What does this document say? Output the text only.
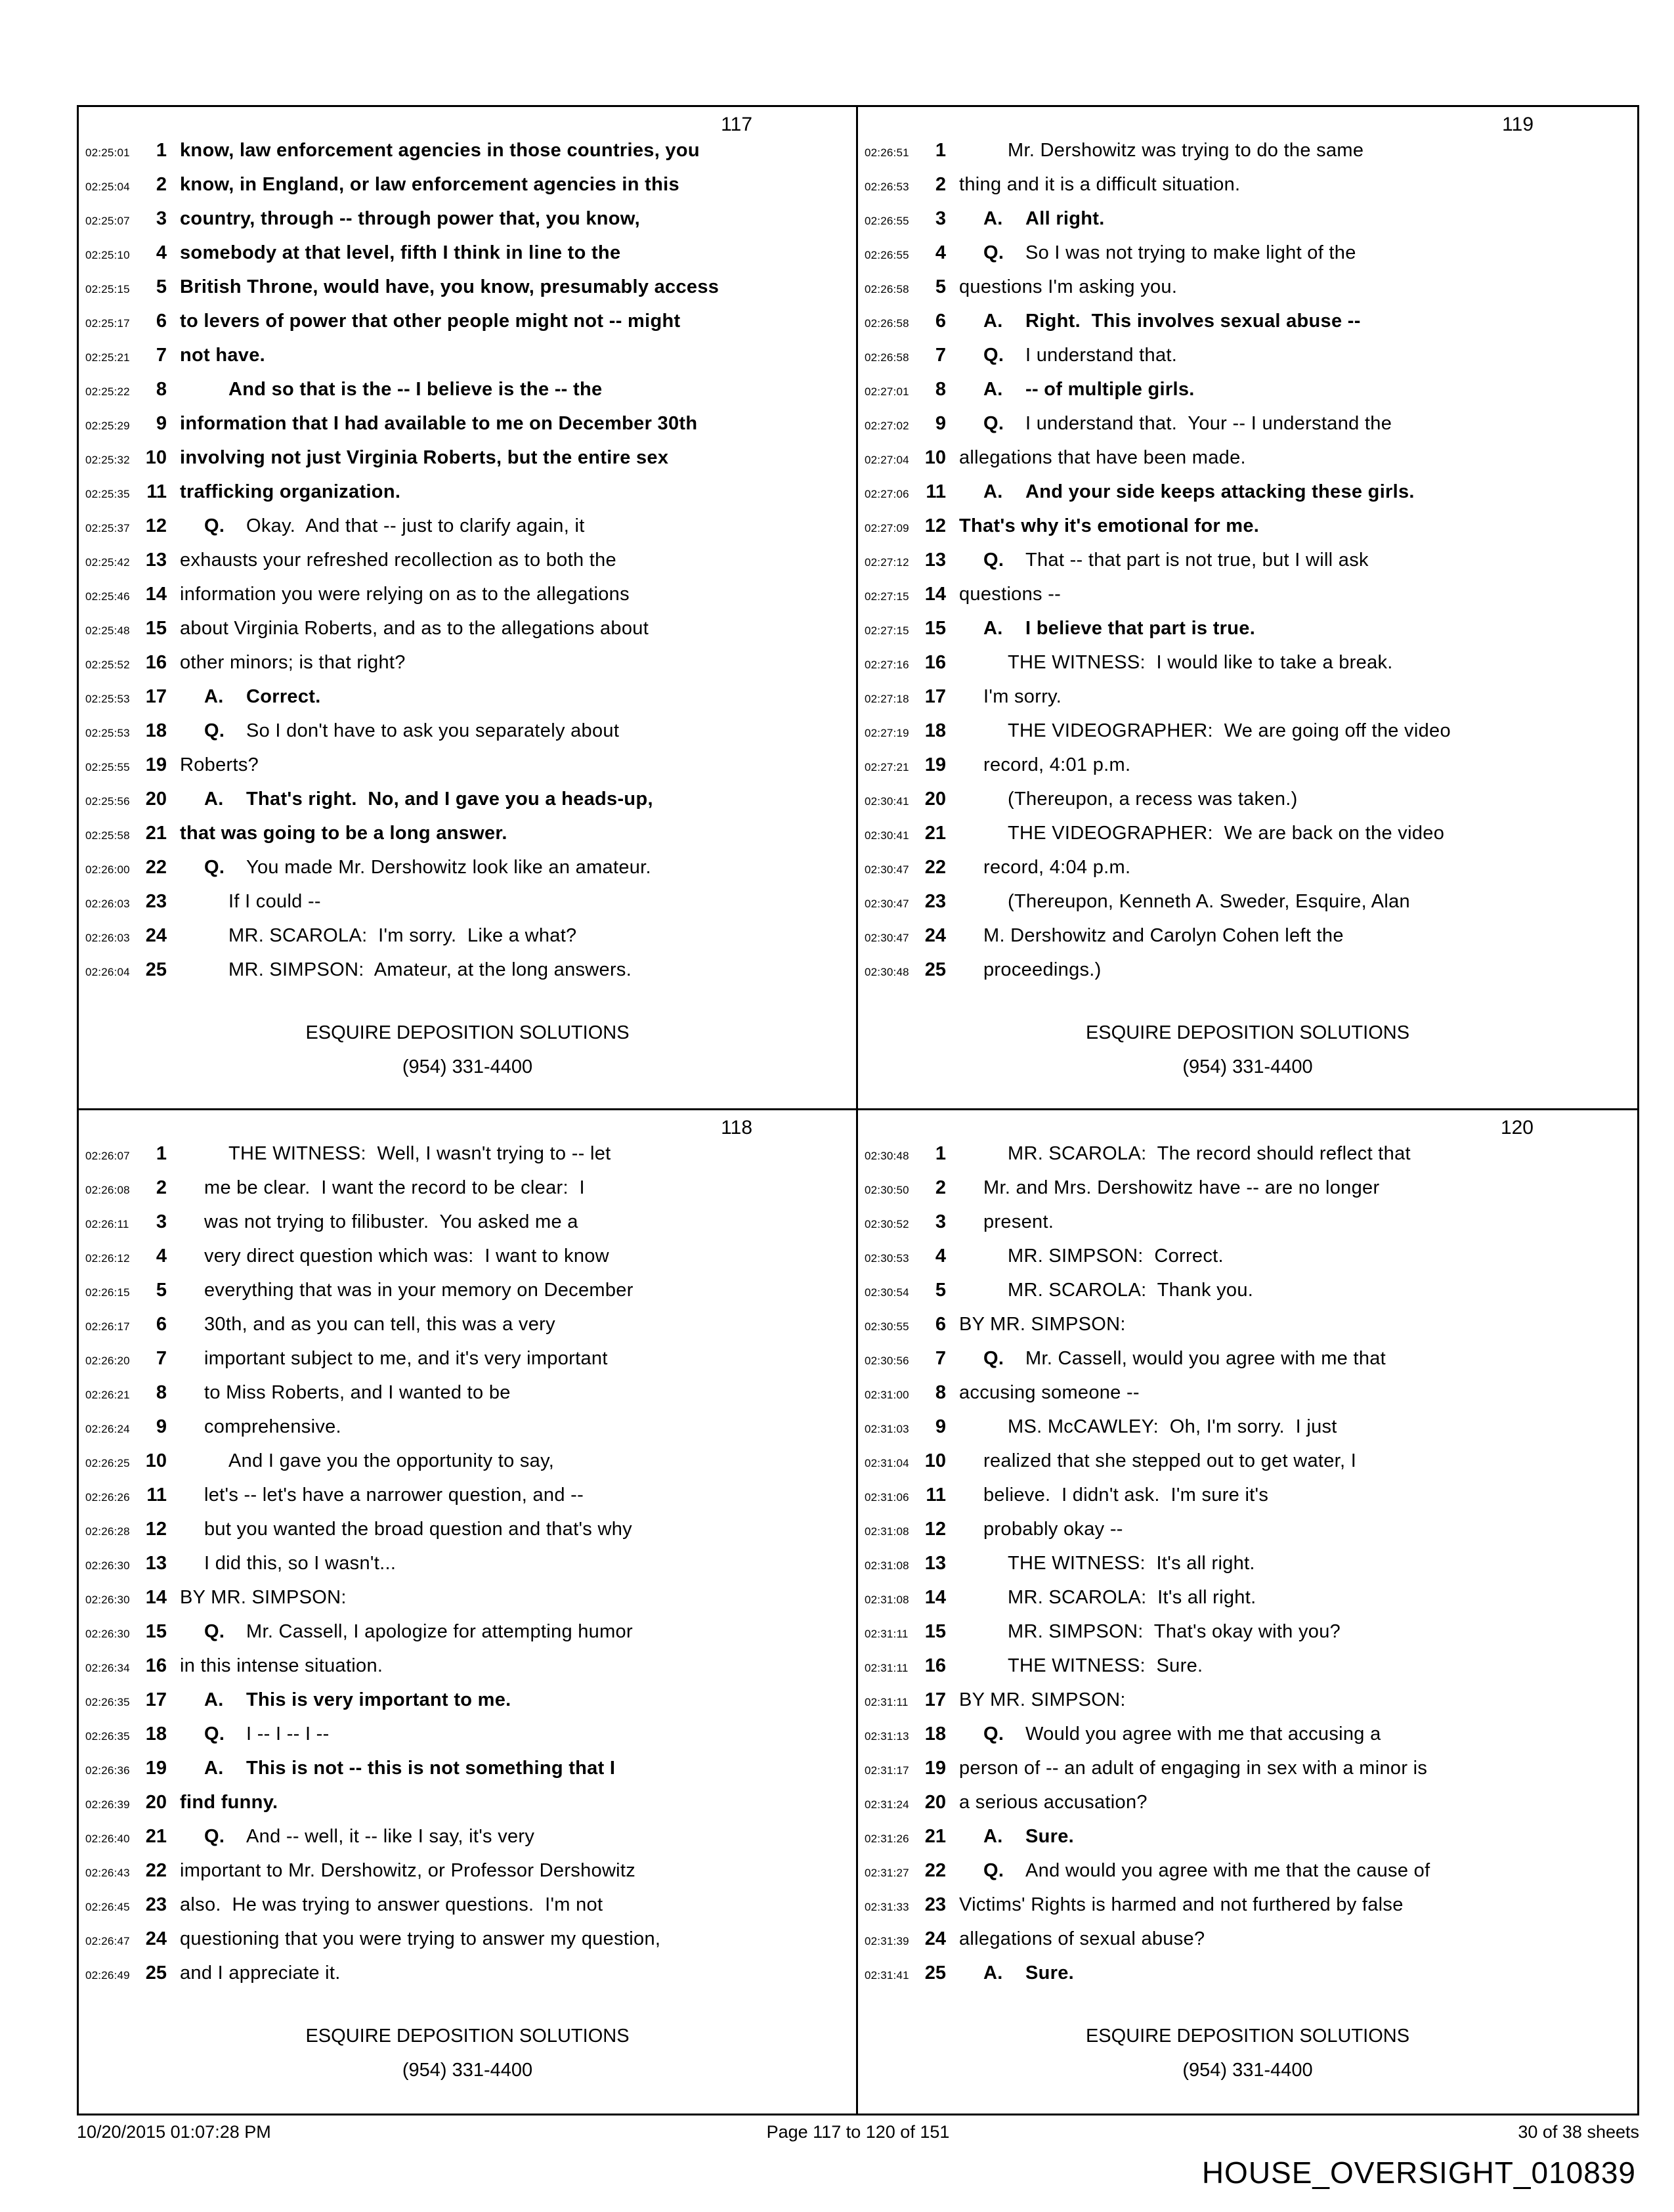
117
02:25:01	1 know, law enforcement agencies in those countries, you
02:25:04	2 know, in England, or law enforcement agencies in this
02:25:07	3 country, through -- through power that, you know,
02:25:10	4 somebody at that level, fifth I think in line to the
02:25:15	5 British Throne, would have, you know, presumably access
02:25:17	6 to levers of power that other people might not -- might
02:25:21	7 not have.
02:25:22	8	And so that is the -- I believe is the -- the
02:25:29	9 information that I had available to me on December 30th
02:25:32 10 involving not just Virginia Roberts, but the entire sex
02:25:35 11 trafficking organization.
02:25:37 12	Q. Okay.  And that -- just to clarify again, it
02:25:42 13 exhausts your refreshed recollection as to both the
02:25:46 14 information you were relying on as to the allegations
02:25:48 15 about Virginia Roberts, and as to the allegations about
02:25:52 16 other minors; is that right?
02:25:53 17	A. Correct.
02:25:53 18	Q. So I don't have to ask you separately about
02:25:55 19 Roberts?
02:25:56 20	A. That's right.  No, and I gave you a heads-up,
02:25:58 21 that was going to be a long answer.
02:26:00 22	Q. You made Mr. Dershowitz look like an amateur.
02:26:03 23	If I could --
02:26:03 24	MR. SCAROLA:  I'm sorry.  Like a what?
02:26:04 25	MR. SIMPSON:  Amateur, at the long answers.
ESQUIRE DEPOSITION SOLUTIONS
(954) 331-4400
119
02:26:51	1	Mr. Dershowitz was trying to do the same
02:26:53	2 thing and it is a difficult situation.
02:26:55	3	A. All right.
02:26:55	4	Q. So I was not trying to make light of the
02:26:58	5 questions I'm asking you.
02:26:58	6	A. Right.  This involves sexual abuse --
02:26:58	7	Q. I understand that.
02:27:01	8	A. -- of multiple girls.
02:27:02	9	Q. I understand that.  Your -- I understand the
02:27:04 10 allegations that have been made.
02:27:06 11	A. And your side keeps attacking these girls.
02:27:09 12 That's why it's emotional for me.
02:27:12 13	Q. That -- that part is not true, but I will ask
02:27:15 14 questions --
02:27:15 15	A. I believe that part is true.
02:27:16 16	THE WITNESS:  I would like to take a break.
02:27:18 17	I'm sorry.
02:27:19 18	THE VIDEOGRAPHER:  We are going off the video
02:27:21 19	record, 4:01 p.m.
02:30:41 20	(Thereupon, a recess was taken.)
02:30:41 21	THE VIDEOGRAPHER:  We are back on the video
02:30:47 22	record, 4:04 p.m.
02:30:47 23	(Thereupon, Kenneth A. Sweder, Esquire, Alan
02:30:47 24	M. Dershowitz and Carolyn Cohen left the
02:30:48 25	proceedings.)
ESQUIRE DEPOSITION SOLUTIONS
(954) 331-4400
118
02:26:07	1	THE WITNESS:  Well, I wasn't trying to -- let
02:26:08	2	me be clear.  I want the record to be clear:  I
02:26:11	3	was not trying to filibuster.  You asked me a
02:26:12	4	very direct question which was:  I want to know
02:26:15	5	everything that was in your memory on December
02:26:17	6	30th, and as you can tell, this was a very
02:26:20	7	important subject to me, and it's very important
02:26:21	8	to Miss Roberts, and I wanted to be
02:26:24	9	comprehensive.
02:26:25 10	And I gave you the opportunity to say,
02:26:26 11	let's -- let's have a narrower question, and --
02:26:28 12	but you wanted the broad question and that's why
02:26:30 13	I did this, so I wasn't...
02:26:30 14 BY MR. SIMPSON:
02:26:30 15	Q. Mr. Cassell, I apologize for attempting humor
02:26:34 16 in this intense situation.
02:26:35 17	A. This is very important to me.
02:26:35 18	Q. I -- I -- I --
02:26:36 19	A. This is not -- this is not something that I
02:26:39 20 find funny.
02:26:40 21	Q. And -- well, it -- like I say, it's very
02:26:43 22 important to Mr. Dershowitz, or Professor Dershowitz
02:26:45 23 also.  He was trying to answer questions.  I'm not
02:26:47 24 questioning that you were trying to answer my question,
02:26:49 25 and I appreciate it.
ESQUIRE DEPOSITION SOLUTIONS
(954) 331-4400
120
02:30:48	1	MR. SCAROLA:  The record should reflect that
02:30:50	2	Mr. and Mrs. Dershowitz have -- are no longer
02:30:52	3	present.
02:30:53	4	MR. SIMPSON:  Correct.
02:30:54	5	MR. SCAROLA:  Thank you.
02:30:55	6 BY MR. SIMPSON:
02:30:56	7	Q. Mr. Cassell, would you agree with me that
02:31:00	8 accusing someone --
02:31:03	9	MS. McCAWLEY:  Oh, I'm sorry.  I just
02:31:04 10	realized that she stepped out to get water, I
02:31:06 11	believe.  I didn't ask.  I'm sure it's
02:31:08 12	probably okay --
02:31:08 13	THE WITNESS:  It's all right.
02:31:08 14	MR. SCAROLA:  It's all right.
02:31:11 15	MR. SIMPSON:  That's okay with you?
02:31:11 16	THE WITNESS:  Sure.
02:31:11 17 BY MR. SIMPSON:
02:31:13 18	Q. Would you agree with me that accusing a
02:31:17 19 person of -- an adult of engaging in sex with a minor is
02:31:24 20 a serious accusation?
02:31:26 21	A. Sure.
02:31:27 22	Q. And would you agree with me that the cause of
02:31:33 23 Victims' Rights is harmed and not furthered by false
02:31:39 24 allegations of sexual abuse?
02:31:41 25	A. Sure.
ESQUIRE DEPOSITION SOLUTIONS
(954) 331-4400
10/20/2015 01:07:28 PM	Page 117 to 120 of 151	30 of 38 sheets
HOUSE_OVERSIGHT_010839
